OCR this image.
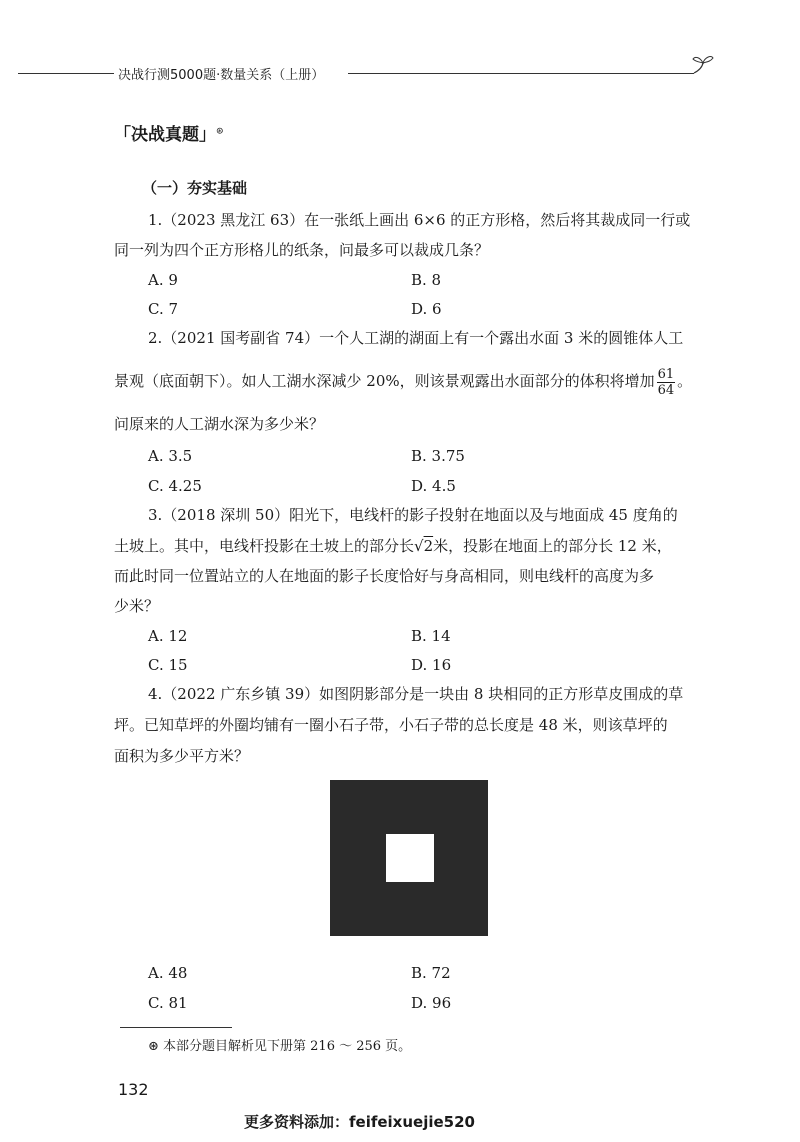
决战行测5000题·数量关系（上册）
「决战真题」⊛
（一）夯实基础
1.（2023 黑龙江 63）在一张纸上画出 6×6 的正方形格，然后将其裁成同一行或
同一列为四个正方形格儿的纸条，问最多可以裁成几条？
A. 9	B. 8
C. 7	D. 6
2.（2021 国考副省 74）一个人工湖的湖面上有一个露出水面 3 米的圆锥体人工
景观（底面朝下）。如人工湖水深减少 20%，则该景观露出水面部分的体积将增加 $\frac{61}{64}$ 。
问原来的人工湖水深为多少米？
A. 3.5	B. 3.75
C. 4.25	D. 4.5
3.（2018 深圳 50）阳光下，电线杆的影子投射在地面以及与地面成 45 度角的
土坡上。其中，电线杆投影在土坡上的部分长√2米，投影在地面上的部分长 12 米，
而此时同一位置站立的人在地面的影子长度恰好与身高相同，则电线杆的高度为多
少米？
A. 12	B. 14
C. 15	D. 16
4.（2022 广东乡镇 39）如图阴影部分是一块由 8 块相同的正方形草皮围成的草
坪。已知草坪的外圈均铺有一圈小石子带，小石子带的总长度是 48 米，则该草坪的
面积为多少平方米？
A. 48	B. 72
C. 81	D. 96
⊛ 本部分题目解析见下册第 216 ～ 256 页。
132
更多资料添加：feifeixuejie520
